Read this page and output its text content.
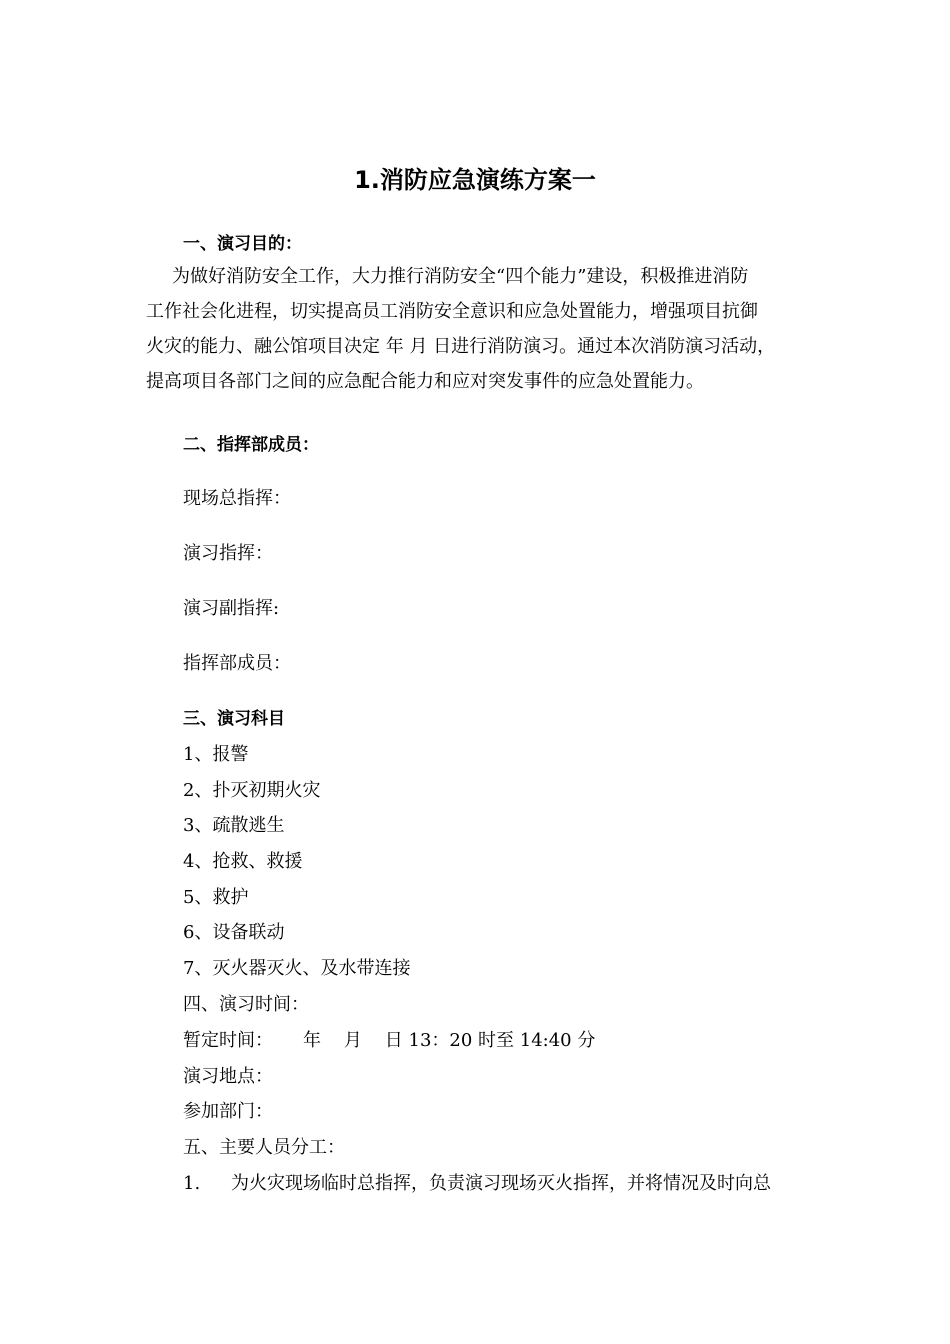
1.消防应急演练方案一
一、演习目的：
为做好消防安全工作，大力推行消防安全“四个能力”建设，积极推进消防
工作社会化进程，切实提高员工消防安全意识和应急处置能力，增强项目抗御
火灾的能力、融公馆项目决定 年 月 日进行消防演习。通过本次消防演习活动，
提高项目各部门之间的应急配合能力和应对突发事件的应急处置能力。
二、指挥部成员：
现场总指挥：
演习指挥：
演习副指挥:
指挥部成员：
三、演习科目
1、报警
2、扑灭初期火灾
3、疏散逃生
4、抢救、救援
5、救护
6、设备联动
7、灭火器灭火、及水带连接
四、演习时间：
暂定时间： 年    月    日 13：20 时至 14:40 分
演习地点：
参加部门：
五、主要人员分工：
1. 为火灾现场临时总指挥，负责演习现场灭火指挥，并将情况及时向总
